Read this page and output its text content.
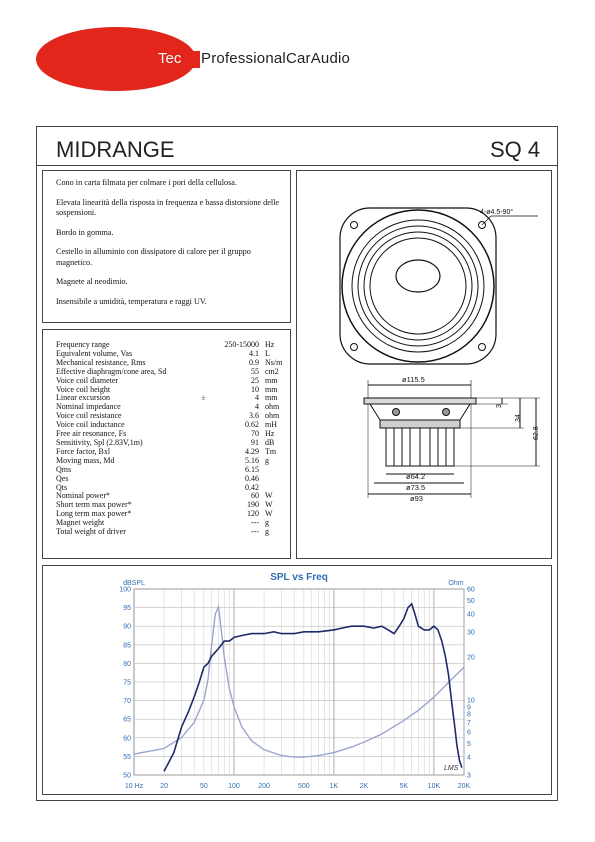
Tec ProfessionalCarAudio
MIDRANGE	SQ 4

Cono in carta filmata per colmare i pori della cellulosa.

Elevata linearità della risposta in frequenza e bassa distorsione delle sospensioni.

Bordo in gomma.

Cestello in alluminio con dissipatore di calore per il gruppo magnetico.

Magnete al neodimio.

Insensibile a umidità, temperatura e raggi UV.

Frequency range		250-15000	Hz
Equivalent volume, Vas		4.1	L
Mechanical resistance, Rms		0.9	Ns/m
Effective diaphragm/cone area, Sd		55	cm2
Voice coil diameter		25	mm
Voice coil height		10	mm
Linear excursion	±	4	mm
Nominal impedance		4	ohm
Voice coil resistance		3.6	ohm
Voice coil inductance		0.62	mH
Free air resonance, Fs		70	Hz
Sensitivity, Spl (2.83V,1m)		91	dB
Force factor, Bxl		4.29	Tm
Moving mass, Md		5.16	g
Qms		6.15	
Qes		0.46	
Qts		0.42	
Nominal power*		60	W
Short term max power*		190	W
Long term max power*		120	W
Magnet weight		---	g
Total weight of driver		---	g
4-ø4.5-90°
ø115.5
ø64.2
ø73.5
ø93
3
34
62.8
10 Hz 20	50	100	200	500	1K	2K	5K	10K	20K
100
95
90
85
80
75
70
65
60
55
50
60
50
40
30
20
10
9
8
7
6
5
4
3
SPL vs Freq
dBSPL	Ohm
LMS
